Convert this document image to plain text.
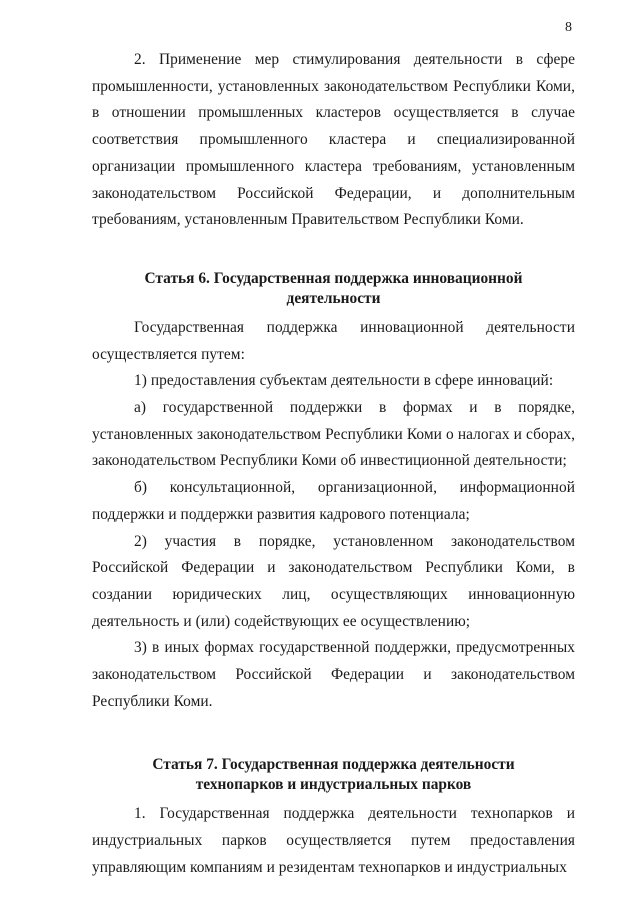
8

2. Применение мер стимулирования деятельности в сфере промышленности, установленных законодательством Республики Коми, в отношении промышленных кластеров осуществляется в случае соответствия промышленного кластера и специализированной организации промышленного кластера требованиям, установленным законодательством Российской Федерации, и дополнительным требованиям, установленным Правительством Республики Коми.

Статья 6. Государственная поддержка инновационной
деятельности

Государственная поддержка инновационной деятельности осуществляется путем:

1) предоставления субъектам деятельности в сфере инноваций:

а) государственной поддержки в формах и в порядке, установленных законодательством Республики Коми о налогах и сборах, законодательством Республики Коми об инвестиционной деятельности;

б) консультационной, организационной, информационной поддержки и поддержки развития кадрового потенциала;

2) участия в порядке, установленном законодательством Российской Федерации и законодательством Республики Коми, в создании юридических лиц, осуществляющих инновационную деятельность и (или) содействующих ее осуществлению;

3) в иных формах государственной поддержки, предусмотренных законодательством Российской Федерации и законодательством Республики Коми.

Статья 7. Государственная поддержка деятельности
технопарков и индустриальных парков

1. Государственная поддержка деятельности технопарков и индустриальных парков осуществляется путем предоставления управляющим компаниям и резидентам технопарков и индустриальных
